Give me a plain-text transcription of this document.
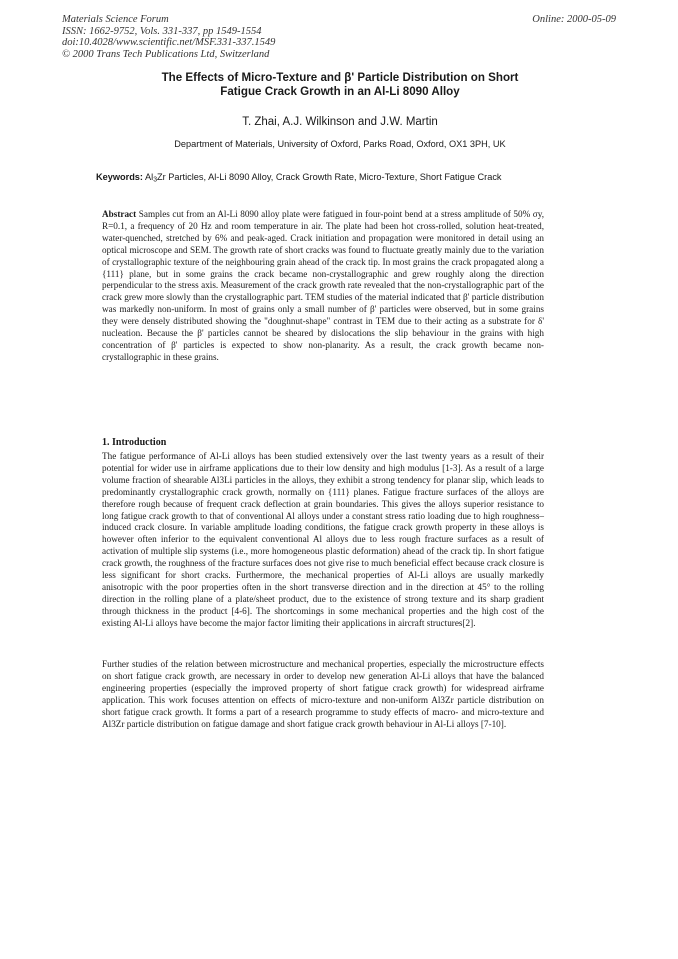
Materials Science Forum
ISSN: 1662-9752, Vols. 331-337, pp 1549-1554
doi:10.4028/www.scientific.net/MSF.331-337.1549
© 2000 Trans Tech Publications Ltd, Switzerland
Online: 2000-05-09
The Effects of Micro-Texture and β' Particle Distribution on Short
Fatigue Crack Growth in an Al-Li 8090 Alloy
T. Zhai, A.J. Wilkinson and J.W. Martin
Department of Materials, University of Oxford, Parks Road, Oxford, OX1 3PH, UK
Keywords: $Al_3Zr$ Particles, Al-Li 8090 Alloy, Crack Growth Rate, Micro-Texture, Short Fatigue Crack
Abstract Samples cut from an Al-Li 8090 alloy plate were fatigued in four-point bend at a stress amplitude of 50% σy, R=0.1, a frequency of 20 Hz and room temperature in air. The plate had been hot cross-rolled, solution heat-treated, water-quenched, stretched by 6% and peak-aged. Crack initiation and propagation were monitored in detail using an optical microscope and SEM. The growth rate of short cracks was found to fluctuate greatly mainly due to the variation of crystallographic texture of the neighbouring grain ahead of the crack tip. In most grains the crack propagated along a {111} plane, but in some grains the crack became non-crystallographic and grew roughly along the direction perpendicular to the stress axis. Measurement of the crack growth rate revealed that the non-crystallographic part of the crack grew more slowly than the crystallographic part. TEM studies of the material indicated that β' particle distribution was markedly non-uniform. In most of grains only a small number of β' particles were observed, but in some grains they were densely distributed showing the "doughnut-shape" contrast in TEM due to their acting as a substrate for δ' nucleation. Because the β' particles cannot be sheared by dislocations the slip behaviour in the grains with high concentration of β' particles is expected to show non-planarity. As a result, the crack growth became non-crystallographic in these grains.
1. Introduction
The fatigue performance of Al-Li alloys has been studied extensively over the last twenty years as a result of their potential for wider use in airframe applications due to their low density and high modulus [1-3]. As a result of a large volume fraction of shearable Al3Li particles in the alloys, they exhibit a strong tendency for planar slip, which leads to predominantly crystallographic crack growth, normally on {111} planes. Fatigue fracture surfaces of the alloys are therefore rough because of frequent crack deflection at grain boundaries. This gives the alloys superior resistance to long fatigue crack growth to that of conventional Al alloys under a constant stress ratio loading due to high roughness–induced crack closure. In variable amplitude loading conditions, the fatigue crack growth property in these alloys is however often inferior to the equivalent conventional Al alloys due to less rough fracture surfaces as a result of activation of multiple slip systems (i.e., more homogeneous plastic deformation) ahead of the crack tip. In short fatigue crack growth, the roughness of the fracture surfaces does not give rise to much beneficial effect because crack closure is less significant for short cracks. Furthermore, the mechanical properties of Al-Li alloys are usually markedly anisotropic with the poor properties often in the short transverse direction and in the direction at 45° to the rolling direction in the rolling plane of a plate/sheet product, due to the existence of strong texture and its sharp gradient through thickness in the product [4-6]. The shortcomings in some mechanical properties and the high cost of the existing Al-Li alloys have become the major factor limiting their applications in aircraft structures[2].
Further studies of the relation between microstructure and mechanical properties, especially the microstructure effects on short fatigue crack growth, are necessary in order to develop new generation Al-Li alloys that have the balanced engineering properties (especially the improved property of short fatigue crack growth) for widespread airframe application. This work focuses attention on effects of micro-texture and non-uniform Al3Zr particle distribution on short fatigue crack growth. It forms a part of a research programme to study effects of macro- and micro-texture and Al3Zr particle distribution on fatigue damage and short fatigue crack growth behaviour in Al-Li alloys [7-10].
